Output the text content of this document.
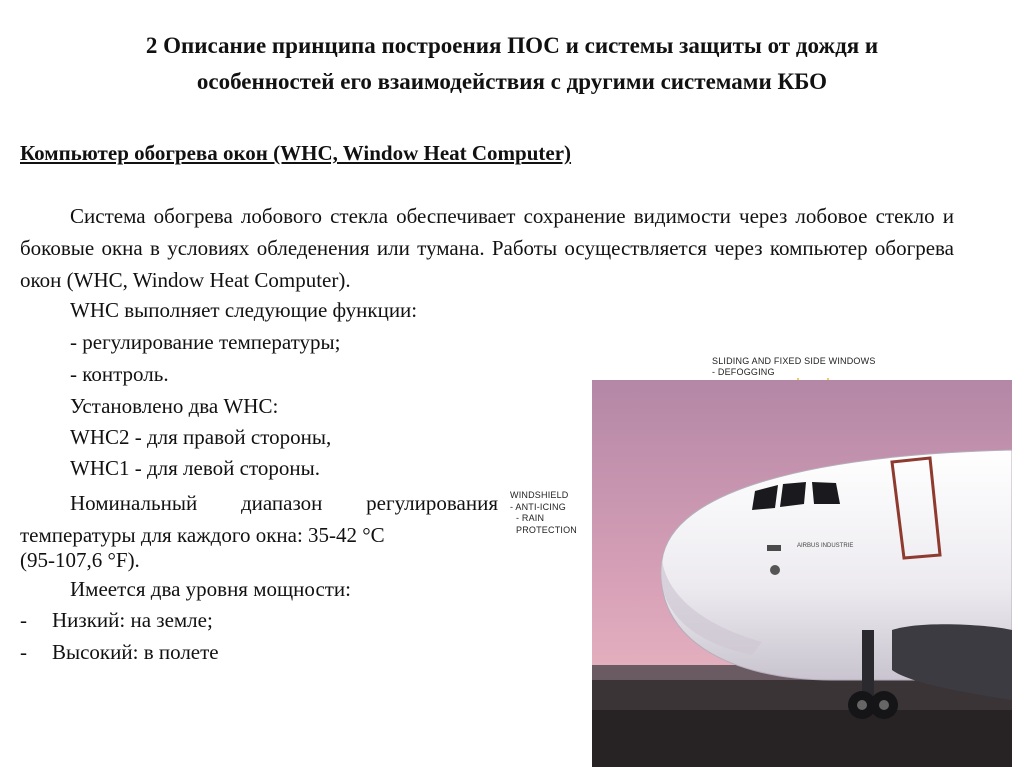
2 Описание принципа построения ПОС и системы защиты от дождя и
особенностей его взаимодействия с другими системами КБО
Компьютер обогрева окон (WHC, Window Heat Computer)

Система обогрева лобового стекла обеспечивает сохранение видимости через лобовое стекло и боковые окна в условиях обледенения или тумана. Работы осуществляется через компьютер обогрева окон (WHC, Window Heat Computer).

WHC выполняет следующие функции:
- регулирование температуры;
- контроль.
Установлено два WHC:
WHC2 - для правой стороны,
WHC1 - для левой стороны.

Номинальный диапазон регулирования температуры для каждого окна: 35-42 °C

(95-107,6 °F).
Имеется два уровня мощности:
- Низкий: на земле;
- Высокий: в полете
SLIDING AND FIXED SIDE WINDOWS
- DEFOGGING
WINDSHIELD
- ANTI-ICING
- RAIN
PROTECTION
AIRBUS INDUSTRIE
